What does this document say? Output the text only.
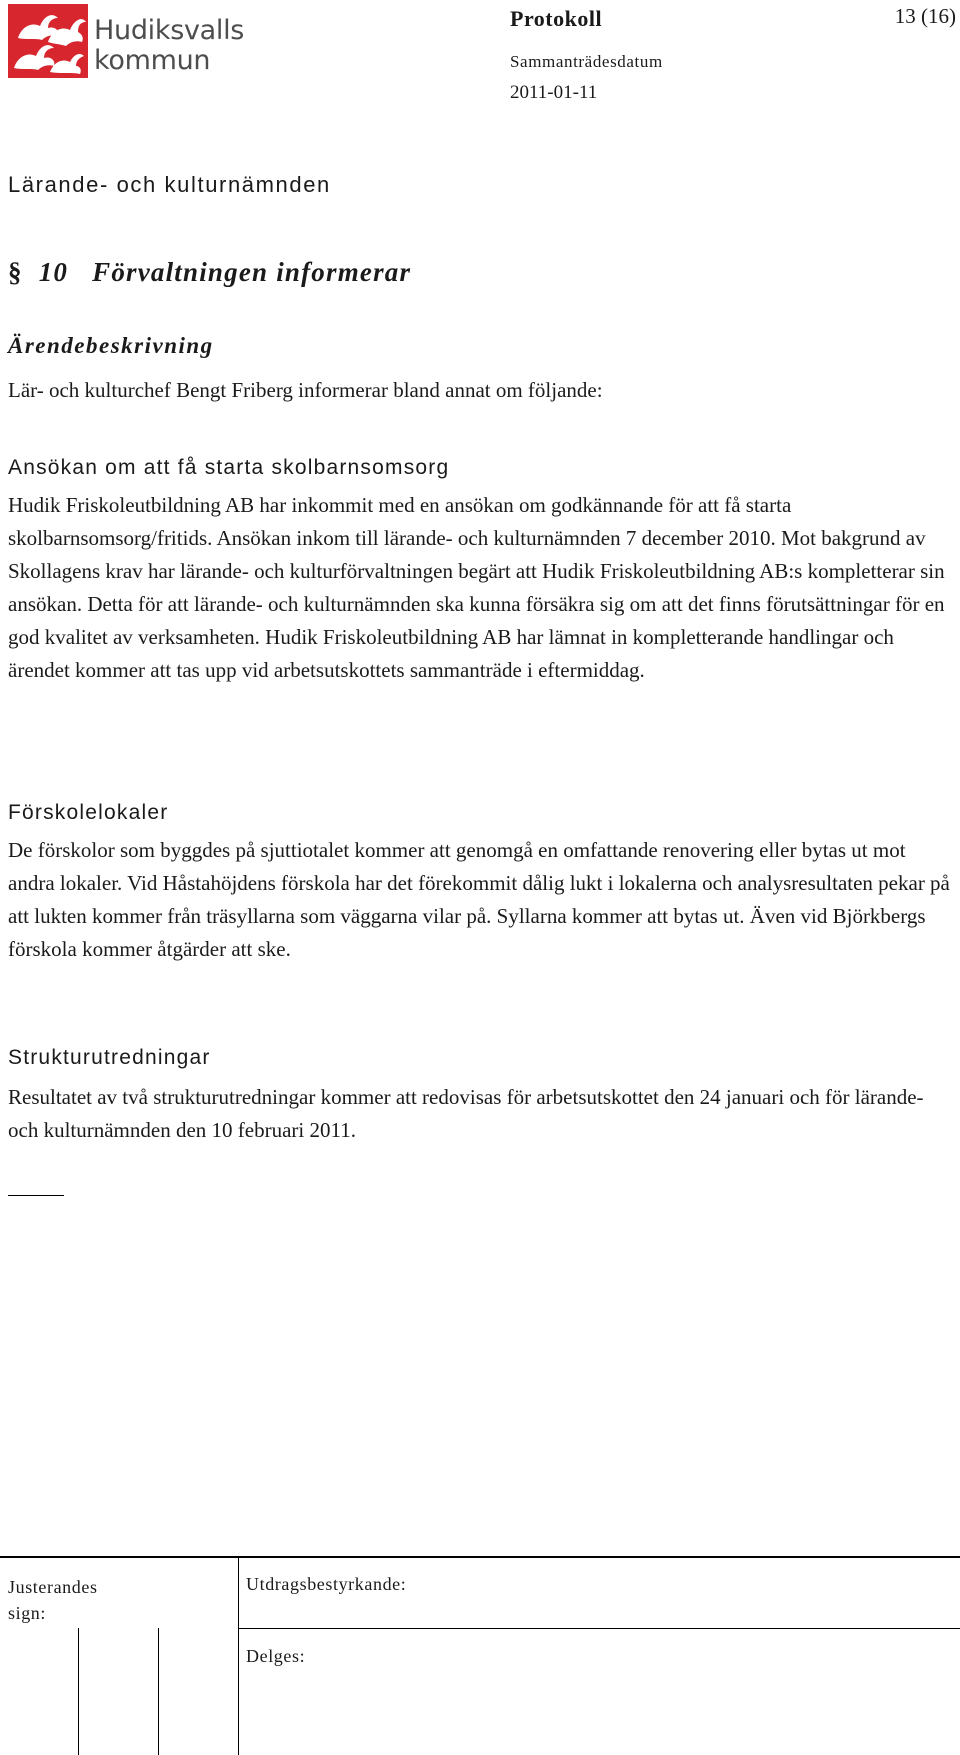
Hudiksvalls
kommun
Protokoll	13 (16)
Sammanträdesdatum
2011-01-11
Lärande- och kulturnämnden
§ 10 Förvaltningen informerar
Ärendebeskrivning

Lär- och kulturchef Bengt Friberg informerar bland annat om följande:

Ansökan om att få starta skolbarnsomsorg

Hudik Friskoleutbildning AB har inkommit med en ansökan om godkännande för att få starta skolbarnsomsorg/fritids. Ansökan inkom till lärande- och kulturnämnden 7 december 2010. Mot bakgrund av Skollagens krav har lärande- och kulturförvaltningen begärt att Hudik Friskoleutbildning AB:s kompletterar sin ansökan. Detta för att lärande- och kulturnämnden ska kunna försäkra sig om att det finns förutsättningar för en god kvalitet av verksamheten. Hudik Friskoleutbildning AB har lämnat in kompletterande handlingar och ärendet kommer att tas upp vid arbetsutskottets sammanträde i eftermiddag.

Förskolelokaler

De förskolor som byggdes på sjuttiotalet kommer att genomgå en omfattande renovering eller bytas ut mot andra lokaler. Vid Håstahöjdens förskola har det förekommit dålig lukt i lokalerna och analysresultaten pekar på att lukten kommer från träsyllarna som väggarna vilar på. Syllarna kommer att bytas ut. Även vid Björkbergs förskola kommer åtgärder att ske.

Strukturutredningar

Resultatet av två strukturutredningar kommer att redovisas för arbetsutskottet den 24 januari och för lärande- och kulturnämnden den 10 februari 2011.

Justerandes sign:
Utdragsbestyrkande:
Delges:
